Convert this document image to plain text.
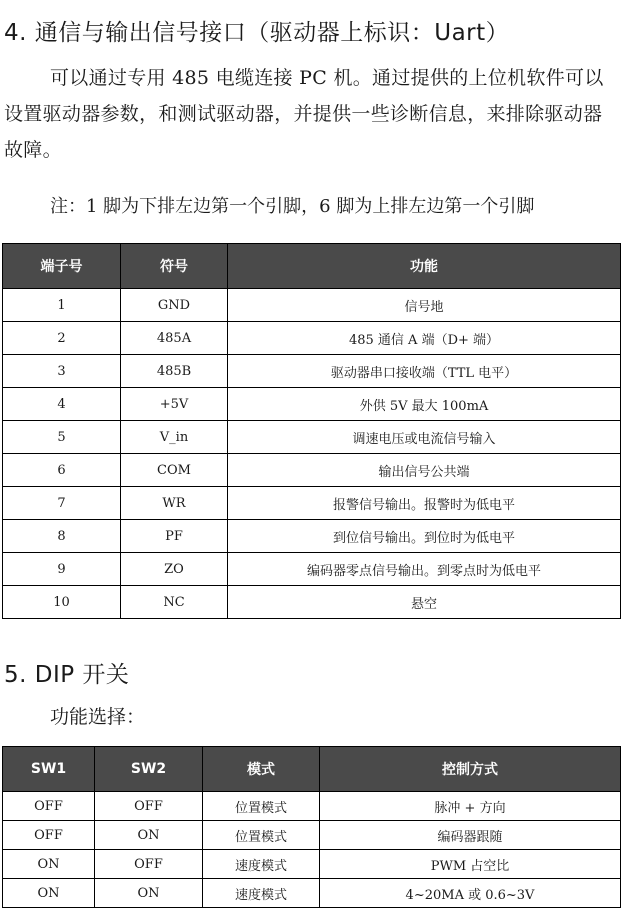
4. 通信与输出信号接口（驱动器上标识：Uart）
可以通过专用 485 电缆连接 PC 机。通过提供的上位机软件可以设置驱动器参数，和测试驱动器，并提供一些诊断信息，来排除驱动器故障。
注：1 脚为下排左边第一个引脚，6 脚为上排左边第一个引脚
端子号	符号	功能
1	GND	信号地
2	485A	485 通信 A 端（D+ 端）
3	485B	驱动器串口接收端（TTL 电平）
4	+5V	外供 5V 最大 100mA
5	V_in	调速电压或电流信号输入
6	COM	输出信号公共端
7	WR	报警信号输出。报警时为低电平
8	PF	到位信号输出。到位时为低电平
9	ZO	编码器零点信号输出。到零点时为低电平
10	NC	悬空
5. DIP 开关
功能选择：
SW1	SW2	模式	控制方式
OFF	OFF	位置模式	脉冲 + 方向
OFF	ON	位置模式	编码器跟随
ON	OFF	速度模式	PWM 占空比
ON	ON	速度模式	4~20MA 或 0.6~3V
